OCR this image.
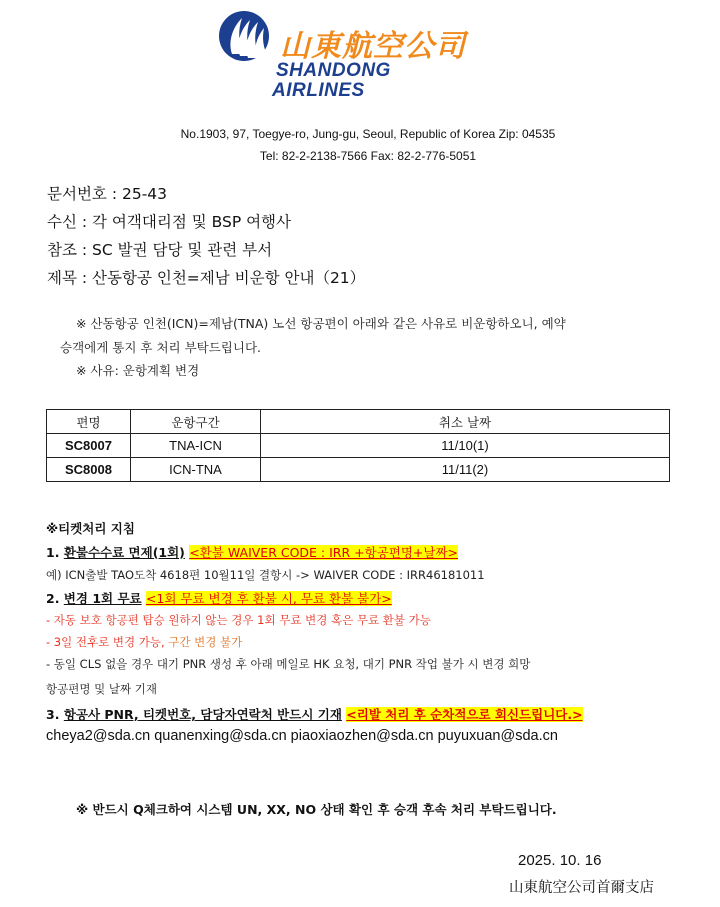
山東航空公司
SHANDONG
AIRLINES
No.1903, 97, Toegye-ro, Jung-gu, Seoul, Republic of Korea Zip: 04535
Tel: 82-2-2138-7566 Fax: 82-2-776-5051
문서번호 : 25-43
수신 : 각 여객대리점 및 BSP 여행사
참조 : SC 발권 담당 및 관련 부서
제목 : 산동항공 인천=제남 비운항 안내（21）
※ 산동항공 인천(ICN)=제남(TNA) 노선 항공편이 아래와 같은 사유로 비운항하오니, 예약
승객에게 통지 후 처리 부탁드립니다.
※ 사유: 운항계획 변경
편명	운항구간	취소 날짜
SC8007	TNA-ICN	11/10(1)
SC8008	ICN-TNA	11/11(2)
※티켓처리 지침
1. 환불수수료 면제(1회) <환불 WAIVER CODE : IRR +항공편명+날짜>
예) ICN출발 TAO도착 4618편 10월11일 결항시 -> WAIVER CODE : IRR46181011
2. 변경 1회 무료 <1회 무료 변경 후 환불 시, 무료 환불 불가>
- 자동 보호 항공편 탑승 원하지 않는 경우 1회 무료 변경 혹은 무료 환불 가능
- 3일 전후로 변경 가능, 구간 변경 불가
- 동일 CLS 없을 경우 대기 PNR 생성 후 아래 메일로 HK 요청, 대기 PNR 작업 불가 시 변경 희망
항공편명 및 날짜 기재
3. 항공사 PNR, 티켓번호, 담당자연락처 반드시 기재 <리발 처리 후 순차적으로 회신드립니다.>
cheya2@sda.cn quanenxing@sda.cn piaoxiaozhen@sda.cn puyuxuan@sda.cn
※ 반드시 Q체크하여 시스템 UN, XX, NO 상태 확인 후 승객 후속 처리 부탁드립니다.
2025. 10. 16
山東航空公司首爾支店
